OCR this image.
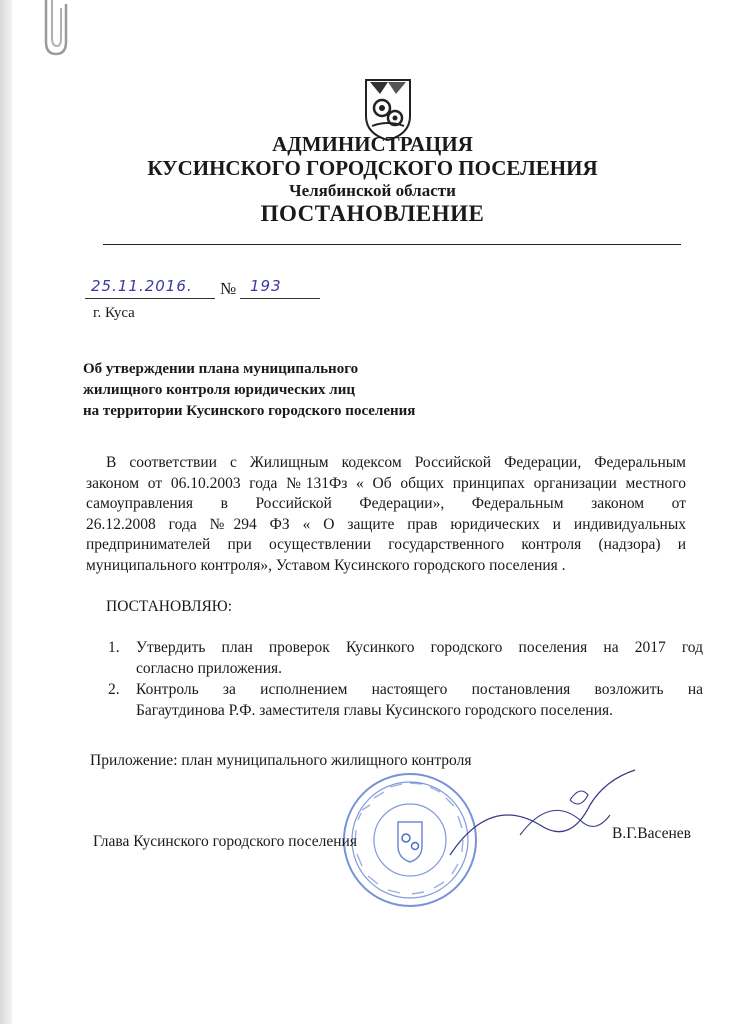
АДМИНИСТРАЦИЯ
КУСИНСКОГО ГОРОДСКОГО ПОСЕЛЕНИЯ
Челябинской области
ПОСТАНОВЛЕНИЕ
25.11.2016. № 193
г. Куса
Об утверждении плана муниципального
жилищного контроля юридических лиц
на территории Кусинского городского поселения
В соответствии с Жилищным кодексом Российской Федерации, Федеральным
законом от 06.10.2003 года №131Фз « Об общих принципах организации местного
самоуправления в Российской Федерации», Федеральным законом от
26.12.2008 года №294 ФЗ « О защите прав юридических и индивидуальных
предпринимателей при осуществлении государственного контроля (надзора) и
муниципального контроля», Уставом Кусинского городского поселения .
ПОСТАНОВЛЯЮ:
1. Утвердить план проверок Кусинкого городского поселения на 2017 год
согласно приложения.
2. Контроль за исполнением настоящего постановления возложить на
Багаутдинова Р.Ф. заместителя главы Кусинского городского поселения.
Приложение: план муниципального жилищного контроля
Глава Кусинского городского поселения	В.Г.Васенев
